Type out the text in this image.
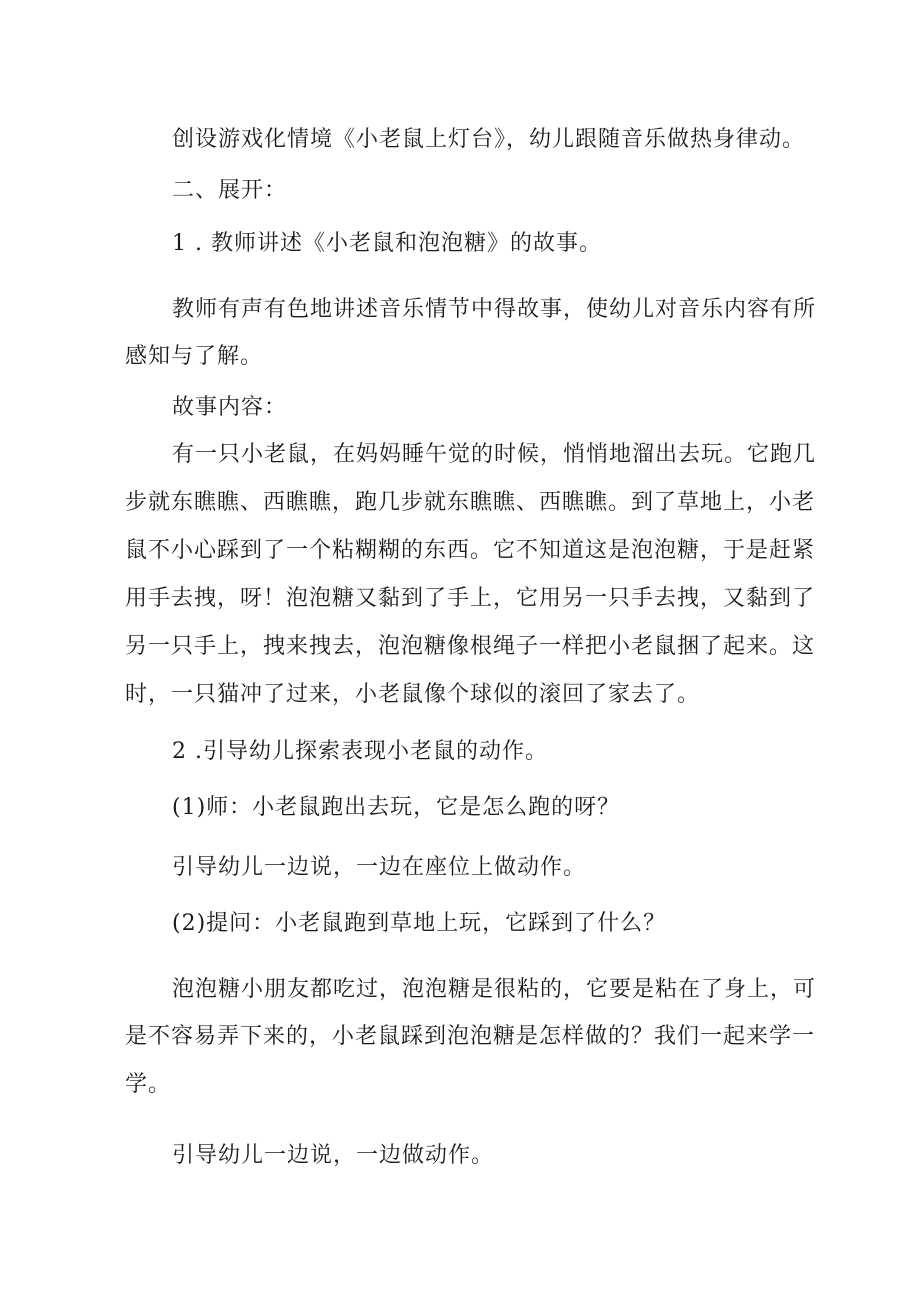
创设游戏化情境《小老鼠上灯台》，幼儿跟随音乐做热身律动。
二、展开：
1 . 教师讲述《小老鼠和泡泡糖》的故事。
教师有声有色地讲述音乐情节中得故事，使幼儿对音乐内容有所
感知与了解。
故事内容：
有一只小老鼠，在妈妈睡午觉的时候，悄悄地溜出去玩。它跑几
步就东瞧瞧、西瞧瞧，跑几步就东瞧瞧、西瞧瞧。到了草地上，小老
鼠不小心踩到了一个粘糊糊的东西。它不知道这是泡泡糖，于是赶紧
用手去拽，呀！泡泡糖又黏到了手上，它用另一只手去拽，又黏到了
另一只手上，拽来拽去，泡泡糖像根绳子一样把小老鼠捆了起来。这
时，一只猫冲了过来，小老鼠像个球似的滚回了家去了。
2 .引导幼儿探索表现小老鼠的动作。
(1)师：小老鼠跑出去玩，它是怎么跑的呀？
引导幼儿一边说，一边在座位上做动作。
(2)提问：小老鼠跑到草地上玩，它踩到了什么？
泡泡糖小朋友都吃过，泡泡糖是很粘的，它要是粘在了身上，可
是不容易弄下来的，小老鼠踩到泡泡糖是怎样做的？我们一起来学一
学。
引导幼儿一边说，一边做动作。
